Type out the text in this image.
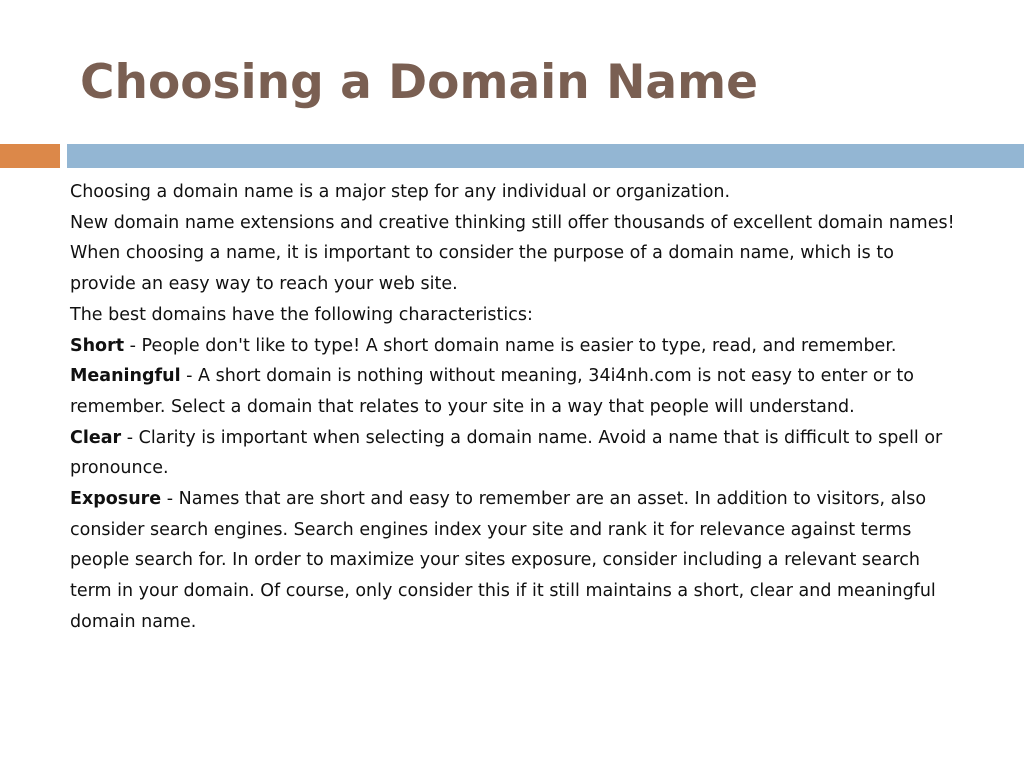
Choosing a Domain Name

Choosing a domain name is a major step for any individual or organization.

New domain name extensions and creative thinking still offer thousands of excellent domain names!

When choosing a name, it is important to consider the purpose of a domain name, which is to provide an easy way to reach your web site.

The best domains have the following characteristics:

Short - People don't like to type! A short domain name is easier to type, read, and remember.

Meaningful - A short domain is nothing without meaning, 34i4nh.com is not easy to enter or to remember. Select a domain that relates to your site in a way that people will understand.

Clear - Clarity is important when selecting a domain name. Avoid a name that is difficult to spell or pronounce.

Exposure - Names that are short and easy to remember are an asset. In addition to visitors, also consider search engines. Search engines index your site and rank it for relevance against terms people search for. In order to maximize your sites exposure, consider including a relevant search term in your domain. Of course, only consider this if it still maintains a short, clear and meaningful domain name.
